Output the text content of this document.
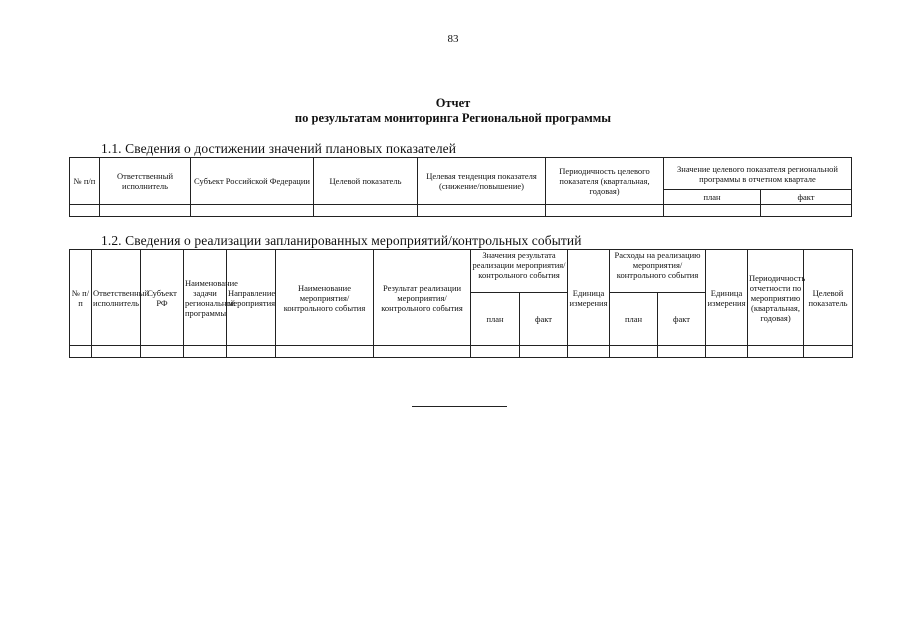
83
Отчет
по результатам мониторинга Региональной программы
1.1. Сведения о достижении значений плановых показателей
№ п/п	Ответственный исполнитель	Субъект Российской Федерации	Целевой показатель	Целевая тенденция показателя (снижение/повышение)	Периодичность целевого показателя (квартальная, годовая)	Значение целевого показателя региональной программы в отчетном квартале	
						план	факт

1.2. Сведения о реализации запланированных мероприятий/контрольных событий
№ п/п	Ответственный исполнитель	Субъект РФ	Наименование задачи региональной программы	Направление мероприятия	Наименование мероприятия/ контрольного события	Результат реализации мероприятия/ контрольного события	Значения результата реализации мероприятия/ контрольного события		Единица измерения	Расходы на реализацию мероприятия/ контрольного события		Единица измерения	Периодичность отчетности по мероприятию (квартальная, годовая)	Целевой показатель
							план	факт		план	факт			
